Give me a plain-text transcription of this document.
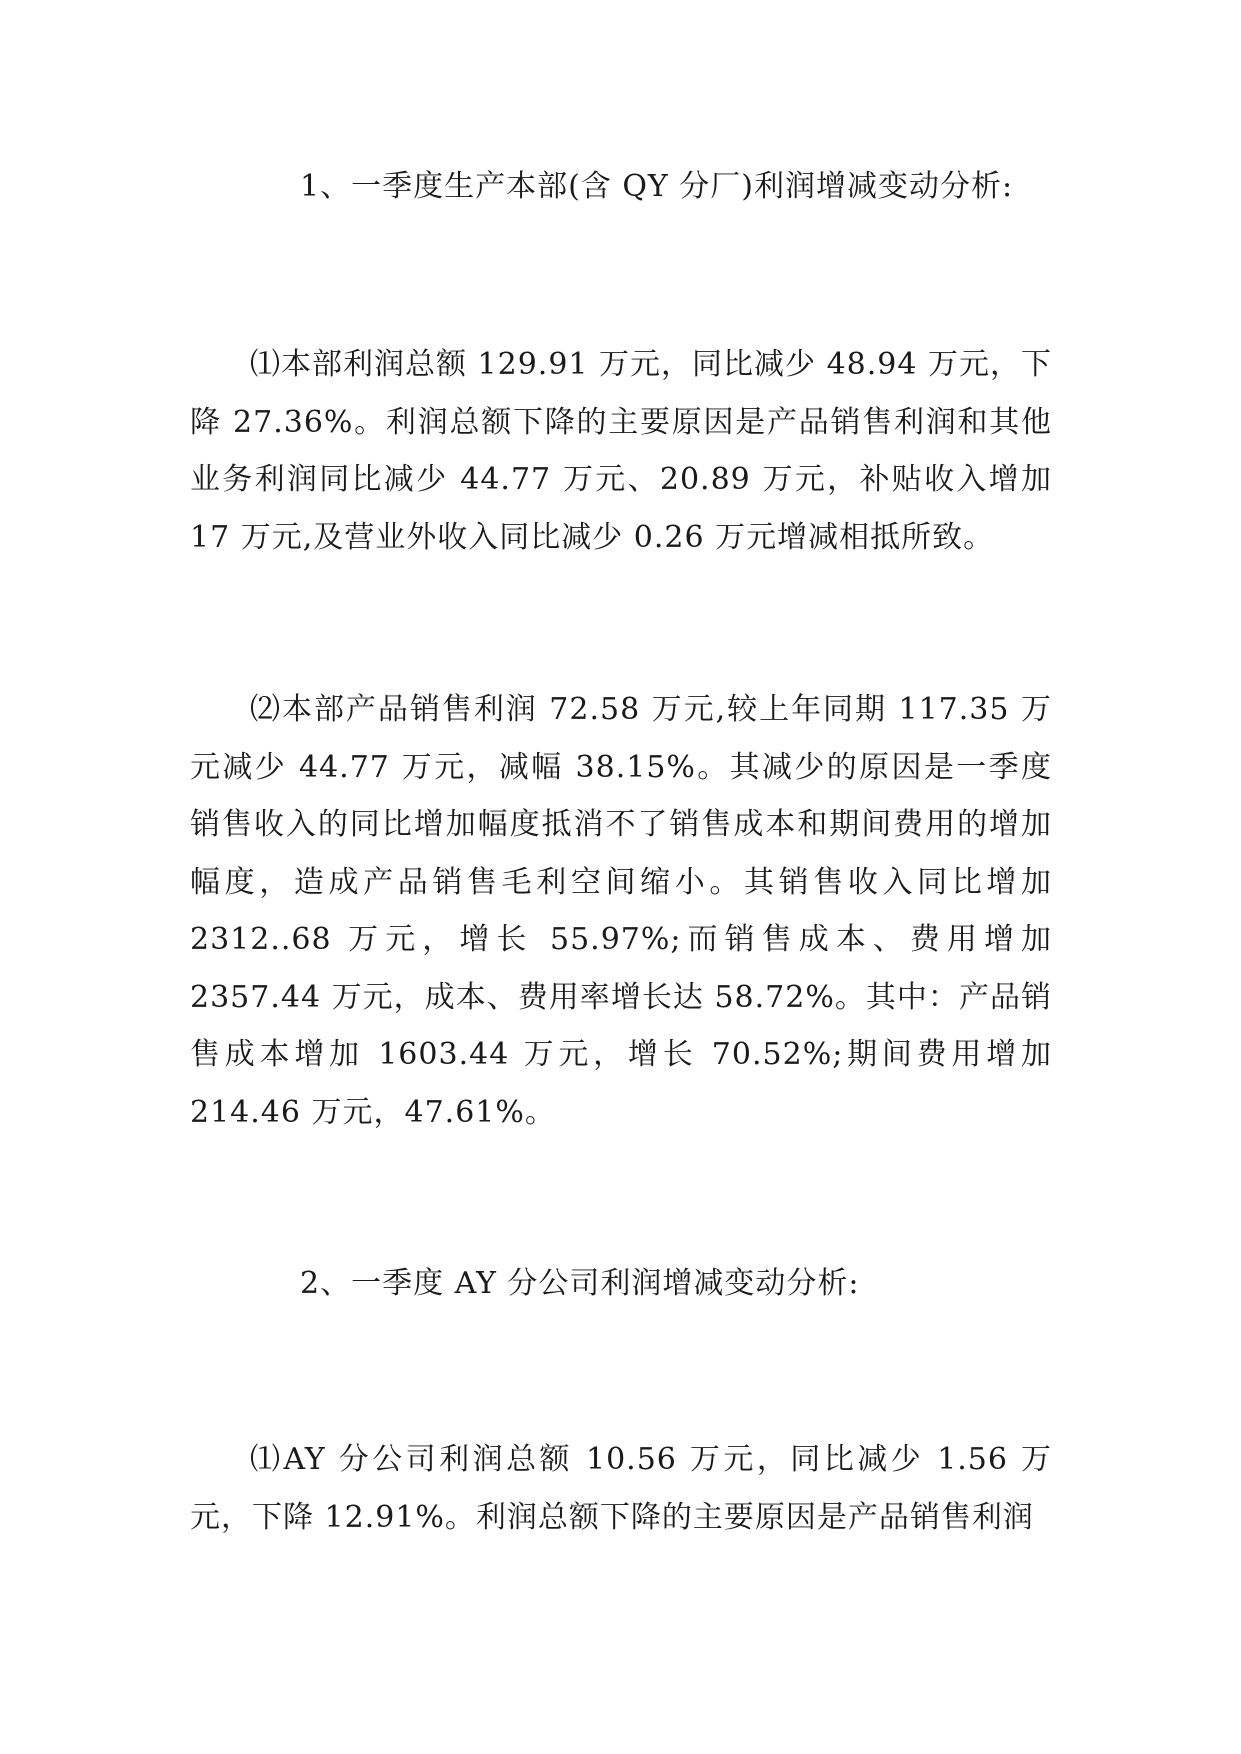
1、一季度生产本部(含 QY 分厂)利润增减变动分析:

⑴本部利润总额 129.91 万元，同比减少 48.94 万元，下降 27.36%。利润总额下降的主要原因是产品销售利润和其他业务利润同比减少 44.77 万元、20.89 万元，补贴收入增加 17 万元,及营业外收入同比减少 0.26 万元增减相抵所致。

⑵本部产品销售利润 72.58 万元,较上年同期 117.35 万元减少 44.77 万元，减幅 38.15%。其减少的原因是一季度销售收入的同比增加幅度抵消不了销售成本和期间费用的增加幅度，造成产品销售毛利空间缩小。其销售收入同比增加 2312..68 万元，增长 55.97%;而销售成本、费用增加 2357.44 万元，成本、费用率增长达 58.72%。其中：产品销售成本增加 1603.44 万元，增长 70.52%;期间费用增加 214.46 万元，47.61%。

2、一季度 AY 分公司利润增减变动分析:

⑴AY 分公司利润总额 10.56 万元，同比减少 1.56 万元，下降 12.91%。利润总额下降的主要原因是产品销售利润
